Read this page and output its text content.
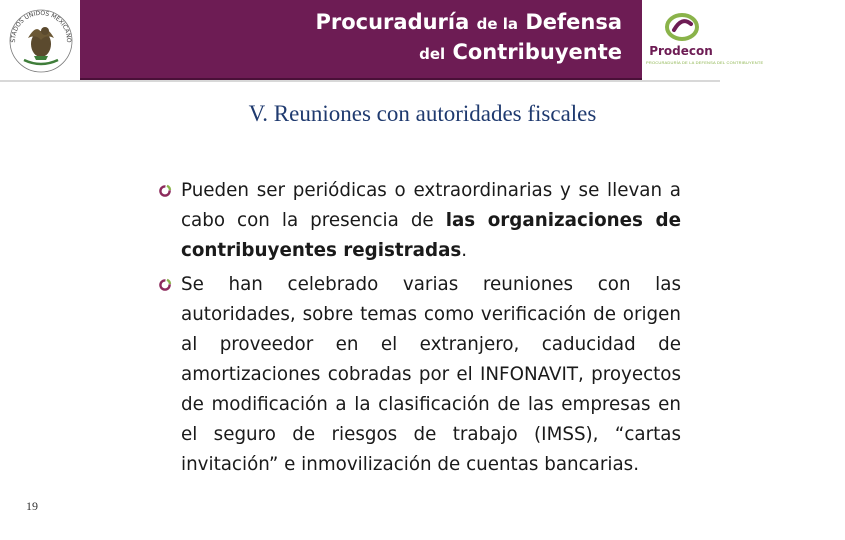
STADOS UNIDOS MEXICANO
Procuraduría de la Defensa
del Contribuyente	Prodecon
PROCURADURÍA DE LA DEFENSA DEL CONTRIBUYENTE
V. Reuniones con autoridades fiscales
Pueden ser periódicas o extraordinarias y se llevan a cabo con la presencia de las organizaciones de contribuyentes registradas.
Se han celebrado varias reuniones con las autoridades, sobre temas como verificación de origen al proveedor en el extranjero, caducidad de amortizaciones cobradas por el INFONAVIT, proyectos de modificación a la clasificación de las empresas en el seguro de riesgos de trabajo (IMSS), “cartas invitación” e inmovilización de cuentas bancarias.
19
